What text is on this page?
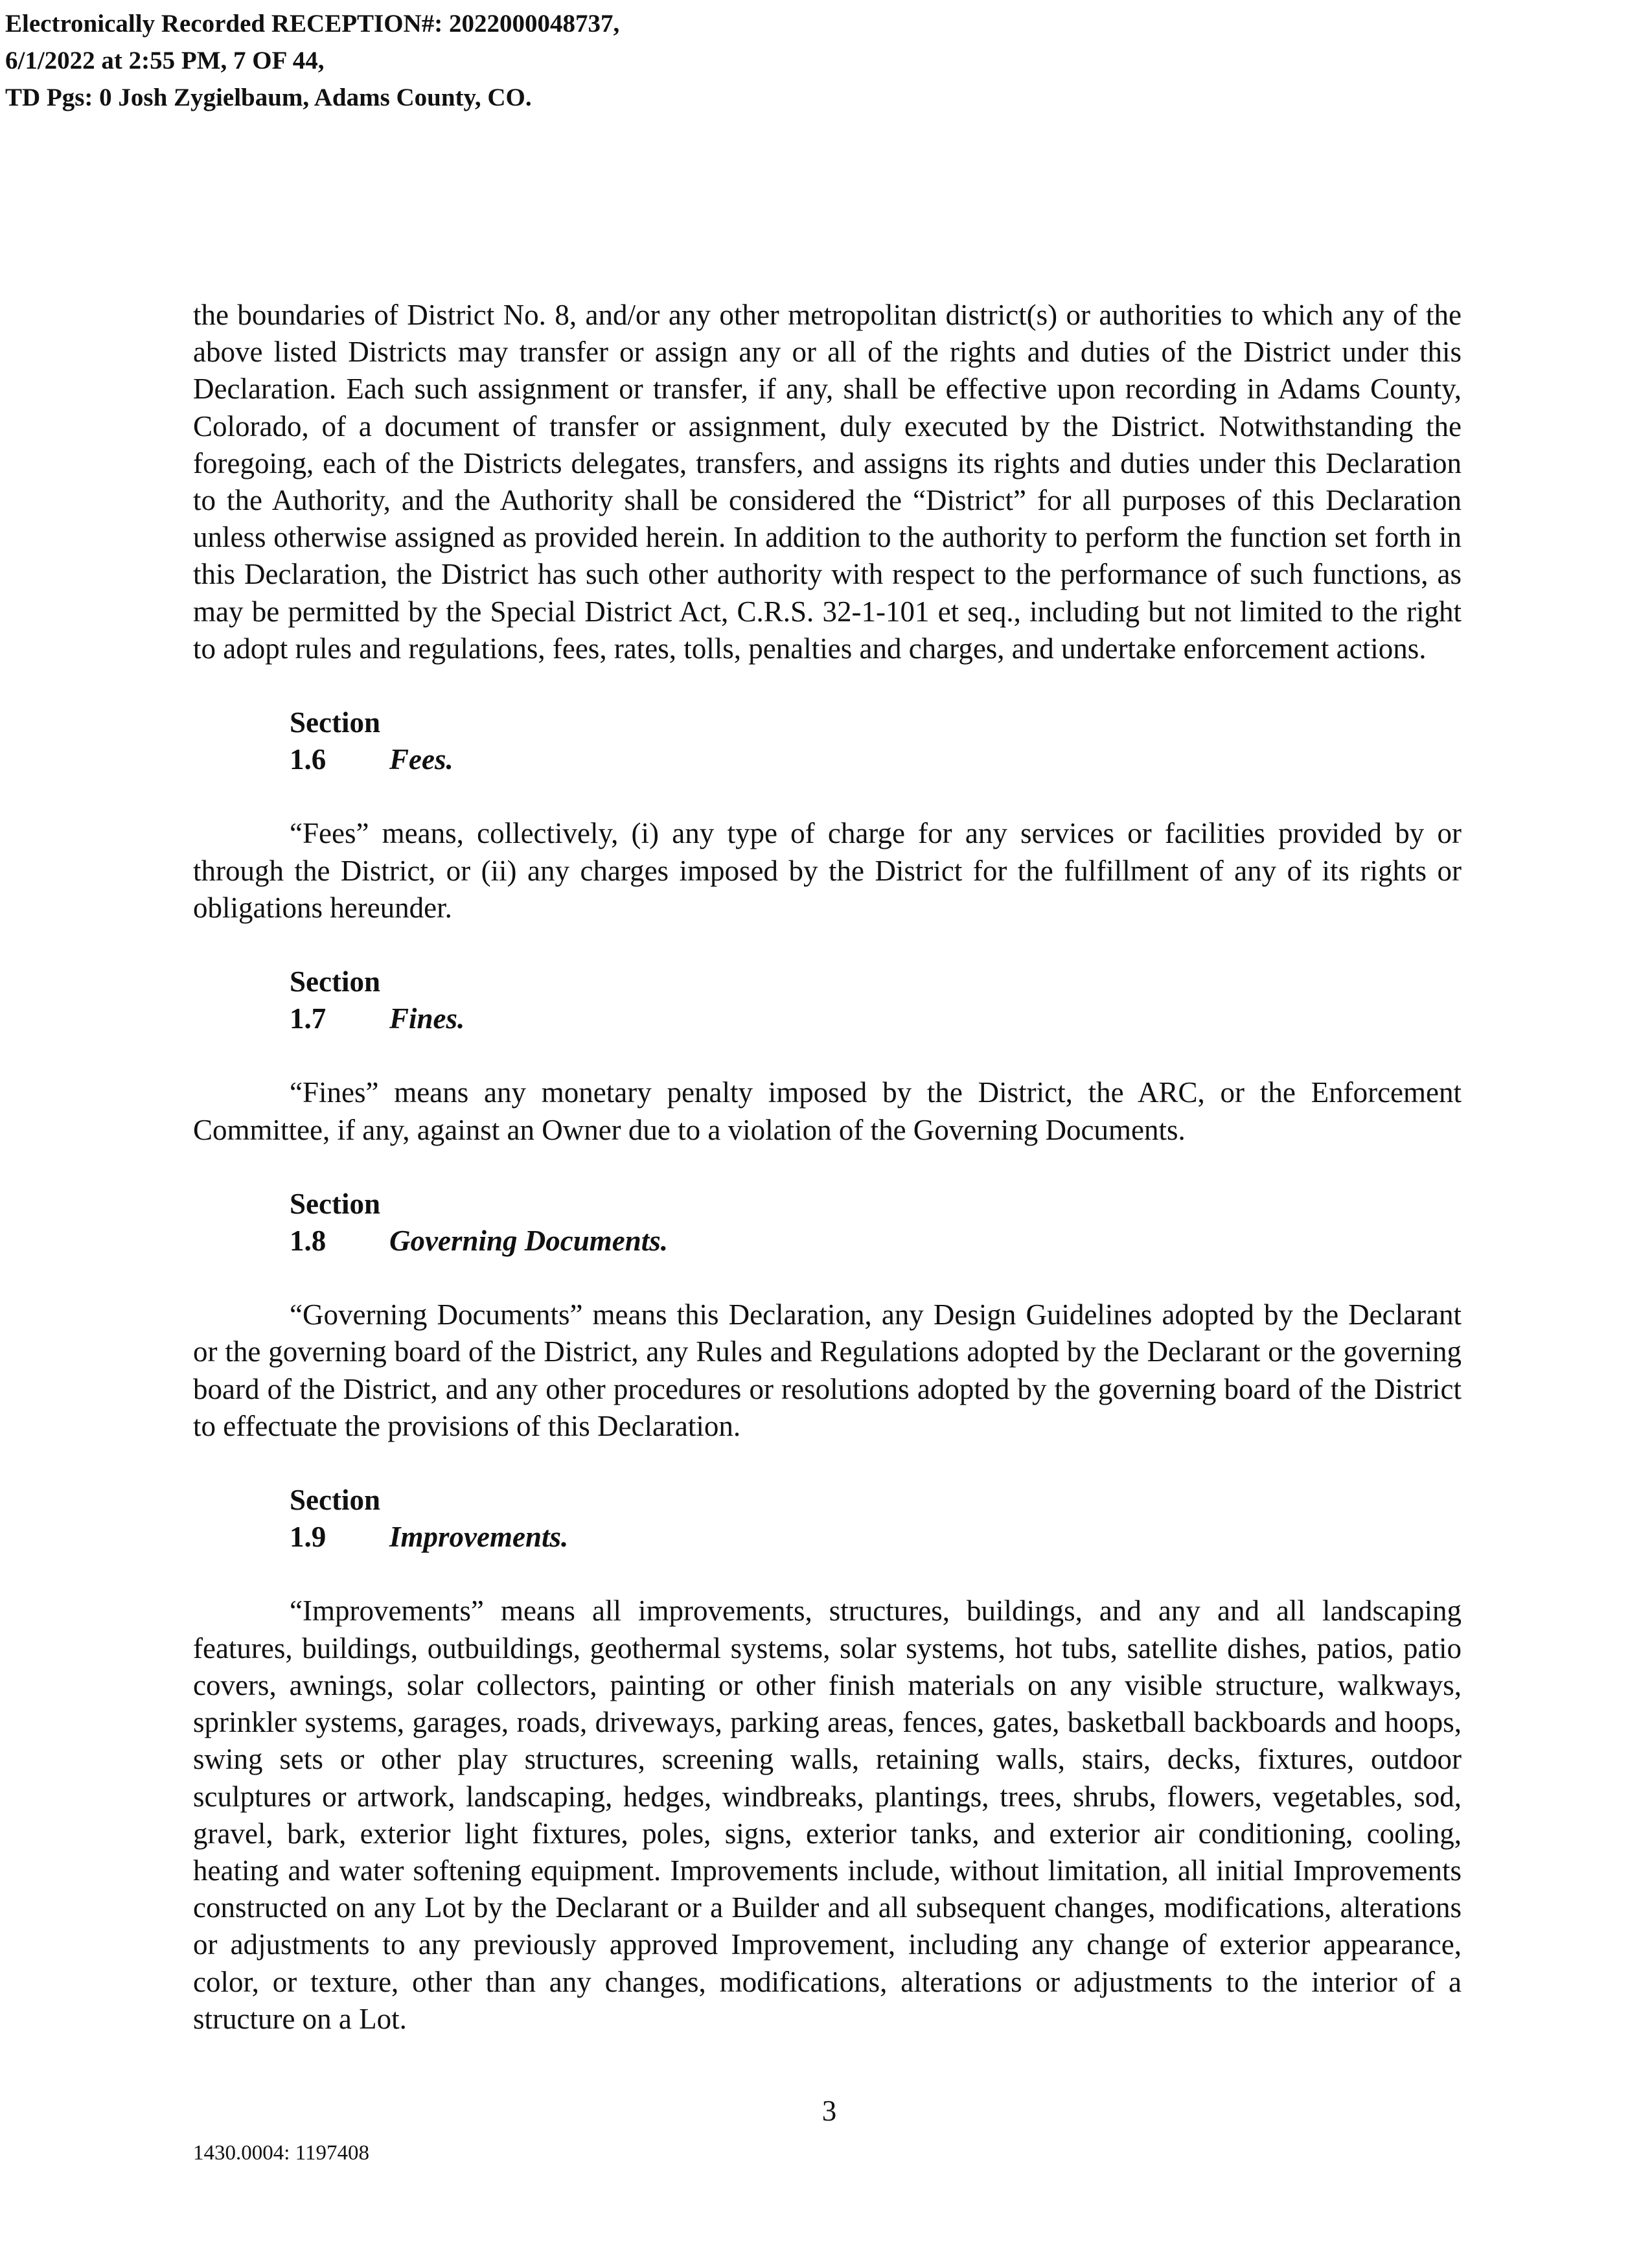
Electronically Recorded RECEPTION#: 2022000048737,
6/1/2022 at 2:55 PM, 7 OF 44,
TD Pgs: 0 Josh Zygielbaum, Adams County, CO.

the boundaries of District No. 8, and/or any other metropolitan district(s) or authorities to which any of the above listed Districts may transfer or assign any or all of the rights and duties of the District under this Declaration. Each such assignment or transfer, if any, shall be effective upon recording in Adams County, Colorado, of a document of transfer or assignment, duly executed by the District. Notwithstanding the foregoing, each of the Districts delegates, transfers, and assigns its rights and duties under this Declaration to the Authority, and the Authority shall be considered the “District” for all purposes of this Declaration unless otherwise assigned as provided herein. In addition to the authority to perform the function set forth in this Declaration, the District has such other authority with respect to the performance of such functions, as may be permitted by the Special District Act, C.R.S. 32-1-101 et seq., including but not limited to the right to adopt rules and regulations, fees, rates, tolls, penalties and charges, and undertake enforcement actions.

Section 1.6 Fees.

“Fees” means, collectively, (i) any type of charge for any services or facilities provided by or through the District, or (ii) any charges imposed by the District for the fulfillment of any of its rights or obligations hereunder.

Section 1.7 Fines.

“Fines” means any monetary penalty imposed by the District, the ARC, or the Enforcement Committee, if any, against an Owner due to a violation of the Governing Documents.

Section 1.8 Governing Documents.

“Governing Documents” means this Declaration, any Design Guidelines adopted by the Declarant or the governing board of the District, any Rules and Regulations adopted by the Declarant or the governing board of the District, and any other procedures or resolutions adopted by the governing board of the District to effectuate the provisions of this Declaration.

Section 1.9 Improvements.

“Improvements” means all improvements, structures, buildings, and any and all landscaping features, buildings, outbuildings, geothermal systems, solar systems, hot tubs, satellite dishes, patios, patio covers, awnings, solar collectors, painting or other finish materials on any visible structure, walkways, sprinkler systems, garages, roads, driveways, parking areas, fences, gates, basketball backboards and hoops, swing sets or other play structures, screening walls, retaining walls, stairs, decks, fixtures, outdoor sculptures or artwork, landscaping, hedges, windbreaks, plantings, trees, shrubs, flowers, vegetables, sod, gravel, bark, exterior light fixtures, poles, signs, exterior tanks, and exterior air conditioning, cooling, heating and water softening equipment. Improvements include, without limitation, all initial Improvements constructed on any Lot by the Declarant or a Builder and all subsequent changes, modifications, alterations or adjustments to any previously approved Improvement, including any change of exterior appearance, color, or texture, other than any changes, modifications, alterations or adjustments to the interior of a structure on a Lot.

3
1430.0004: 1197408
